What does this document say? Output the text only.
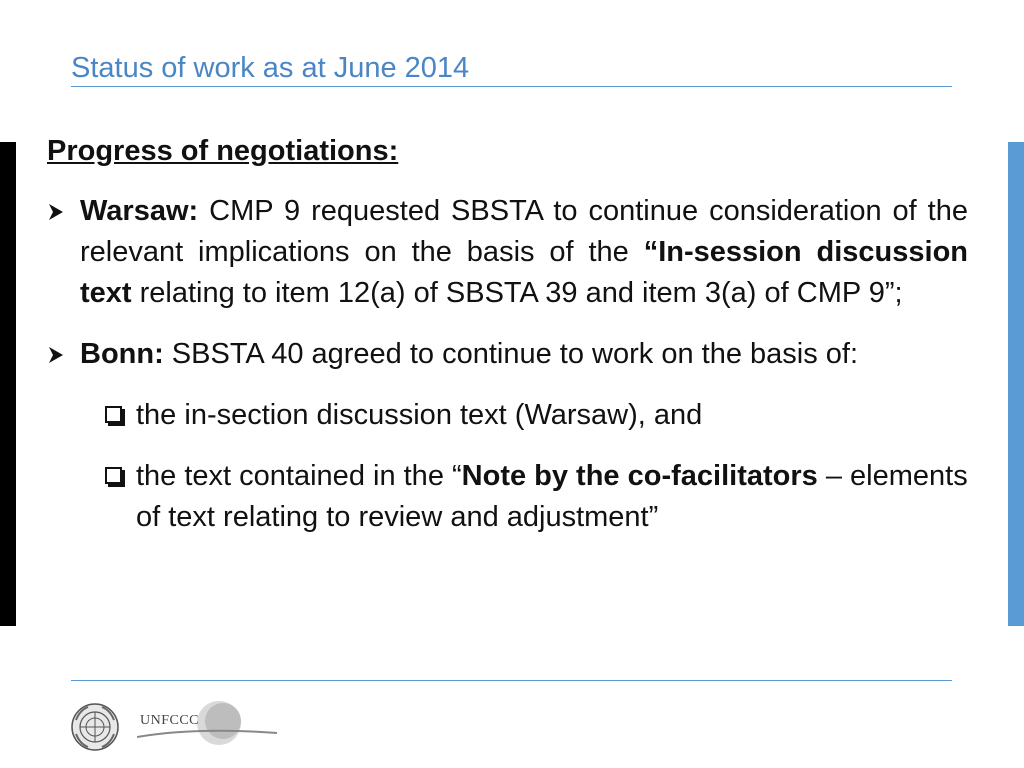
Status of work as at June 2014
Progress of negotiations:
Warsaw: CMP 9 requested SBSTA to continue consideration of the relevant implications on the basis of the “In-session discussion text relating to item 12(a) of SBSTA 39 and item 3(a) of CMP 9”;
Bonn: SBSTA 40 agreed to continue to work on the basis of:
the in-section discussion text (Warsaw), and
the text contained in the “Note by the co-facilitators – elements of text relating to review and adjustment”
UNFCCC
